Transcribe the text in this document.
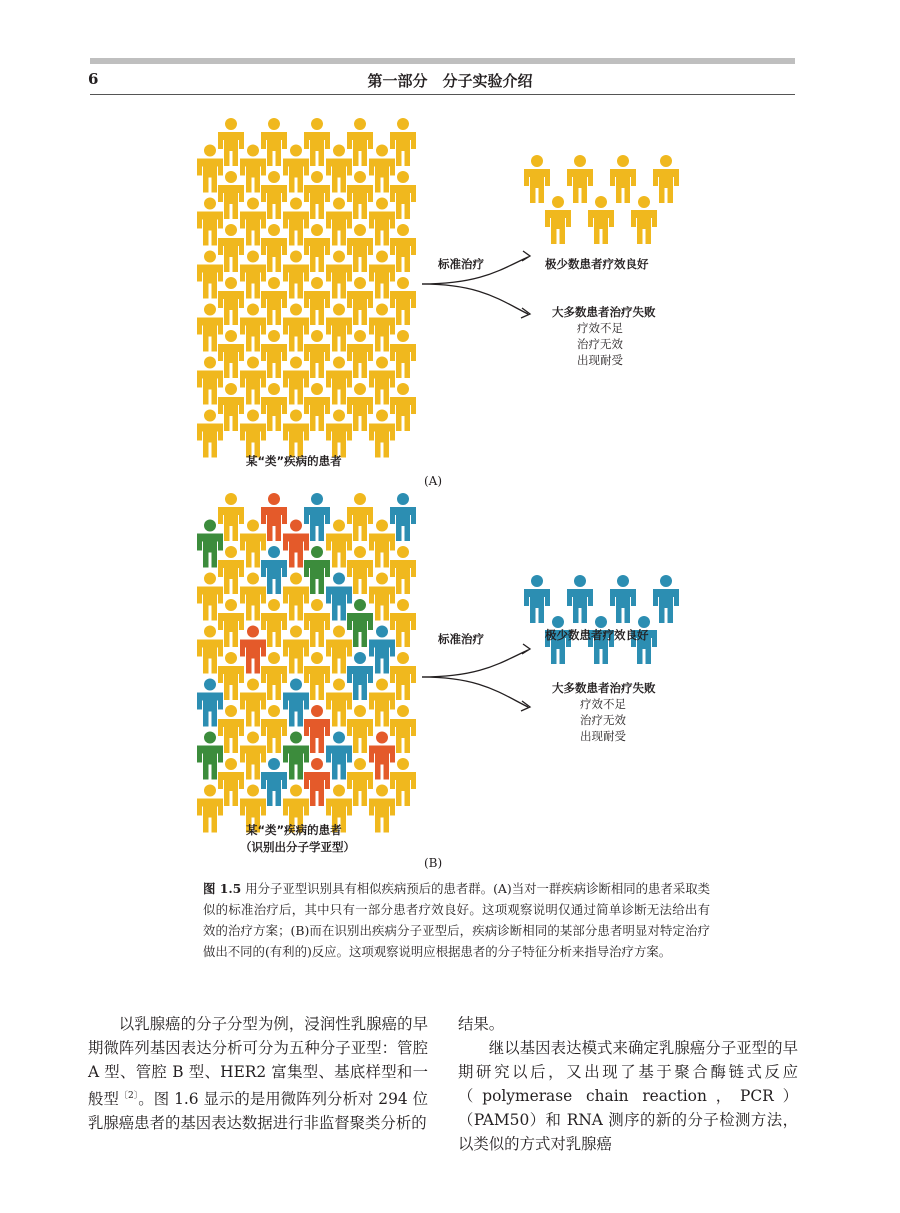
6	第一部分　分子实验介绍
标准治疗	极少数患者疗效良好
大多数患者治疗失败
疗效不足
治疗无效
出现耐受
某“类”疾病的患者
(A)
标准治疗	极少数患者疗效良好
大多数患者治疗失败
疗效不足
治疗无效
出现耐受
某“类”疾病的患者
（识别出分子学亚型）
(B)
图 1.5 用分子亚型识别具有相似疾病预后的患者群。(A)当对一群疾病诊断相同的患者采取类似的标准治疗后，其中只有一部分患者疗效良好。这项观察说明仅通过简单诊断无法给出有效的治疗方案；(B)而在识别出疾病分子亚型后，疾病诊断相同的某部分患者明显对特定治疗做出不同的(有利的)反应。这项观察说明应根据患者的分子特征分析来指导治疗方案。

以乳腺癌的分子分型为例，浸润性乳腺癌的早期微阵列基因表达分析可分为五种分子亚型：管腔 A 型、管腔 B 型、HER2 富集型、基底样型和一般型$^{〔2〕}$。图 1.6 显示的是用微阵列分析对 294 位乳腺癌患者的基因表达数据进行非监督聚类分析的

结果。

继以基因表达模式来确定乳腺癌分子亚型的早期研究以后，又出现了基于聚合酶链式反应（polymerase chain reaction，PCR）（PAM50）和 RNA 测序的新的分子检测方法，以类似的方式对乳腺癌
